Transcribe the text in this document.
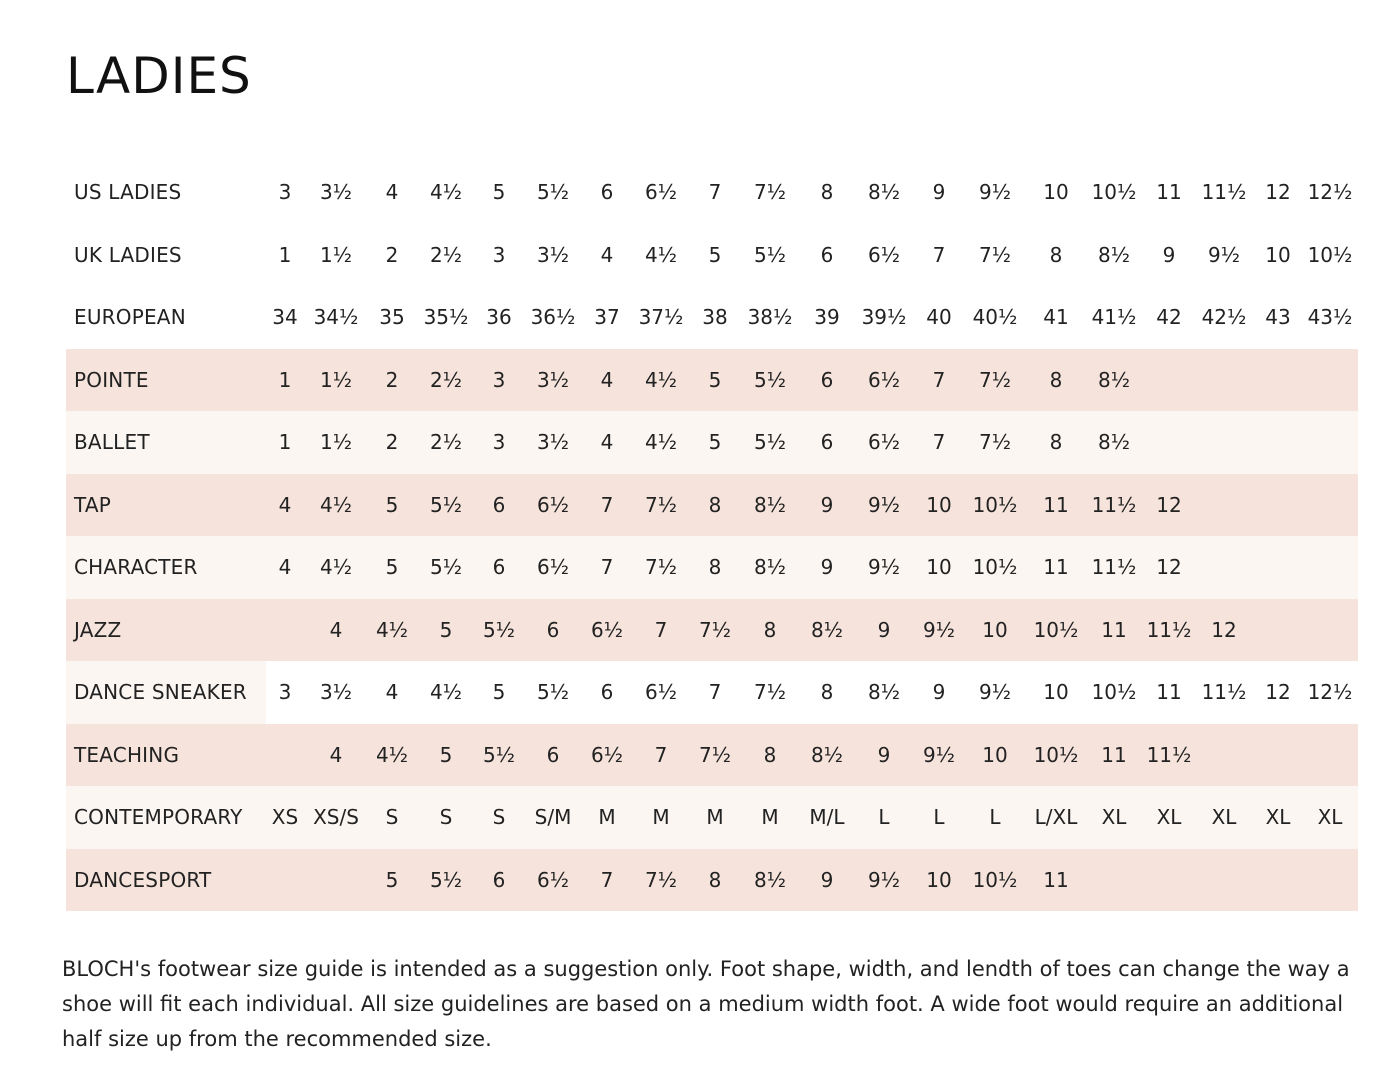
LADIES
US LADIES	3	3½	4	4½	5	5½	6	6½	7	7½	8	8½	9	9½	10	10½	11	11½	12	12½
UK LADIES	1	1½	2	2½	3	3½	4	4½	5	5½	6	6½	7	7½	8	8½	9	9½	10	10½
EUROPEAN	34	34½	35	35½	36	36½	37	37½	38	38½	39	39½	40	40½	41	41½	42	42½	43	43½
POINTE	1	1½	2	2½	3	3½	4	4½	5	5½	6	6½	7	7½	8	8½				
BALLET	1	1½	2	2½	3	3½	4	4½	5	5½	6	6½	7	7½	8	8½				
TAP	4	4½	5	5½	6	6½	7	7½	8	8½	9	9½	10	10½	11	11½	12			
CHARACTER	4	4½	5	5½	6	6½	7	7½	8	8½	9	9½	10	10½	11	11½	12			
JAZZ		4	4½	5	5½	6	6½	7	7½	8	8½	9	9½	10	10½	11	11½	12		
DANCE SNEAKER	3	3½	4	4½	5	5½	6	6½	7	7½	8	8½	9	9½	10	10½	11	11½	12	12½
TEACHING		4	4½	5	5½	6	6½	7	7½	8	8½	9	9½	10	10½	11	11½			
CONTEMPORARY	XS	XS/S	S	S	S	S/M	M	M	M	M	M/L	L	L	L	L/XL	XL	XL	XL	XL	XL
DANCESPORT			5	5½	6	6½	7	7½	8	8½	9	9½	10	10½	11					

BLOCH's footwear size guide is intended as a suggestion only. Foot shape, width, and lendth of toes can change the way a shoe will fit each individual. All size guidelines are based on a medium width foot. A wide foot would require an additional half size up from the recommended size.
